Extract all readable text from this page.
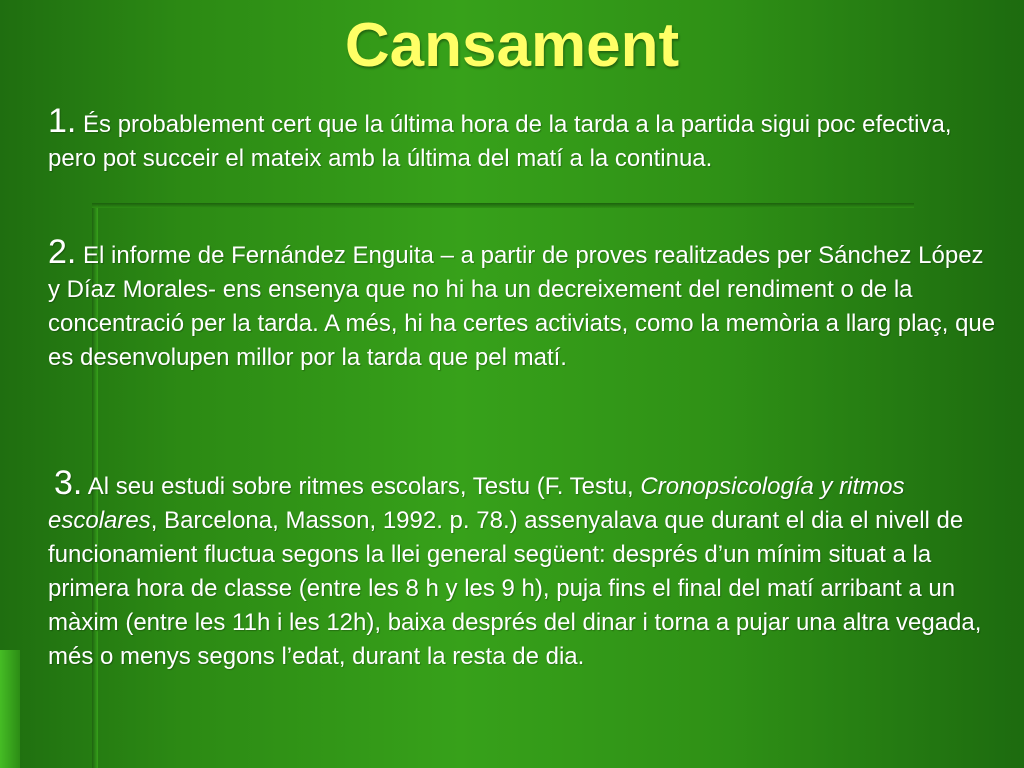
Cansament

1. És probablement cert que la última hora de la tarda a la partida sigui poc efectiva, pero pot succeir el mateix amb la última del matí a la continua.

2. El informe de Fernández Enguita – a partir de proves realitzades per Sánchez López y Díaz Morales- ens ensenya que no hi ha un decreixement del rendiment o de la concentració per la tarda. A més, hi ha certes activiats, como la memòria a llarg plaç, que es desenvolupen millor por la tarda que pel matí.

3. Al seu estudi sobre ritmes escolars, Testu (F. Testu, Cronopsicología y ritmos escolares, Barcelona, Masson, 1992. p. 78.) assenyalava que durant el dia el nivell de funcionamient fluctua segons la llei general següent: després d’un mínim situat a la primera hora de classe (entre les 8 h y les 9 h), puja fins el final del matí arribant a un màxim (entre les 11h i les 12h), baixa després del dinar i torna a pujar una altra vegada, més o menys segons l’edat, durant la resta de dia.
